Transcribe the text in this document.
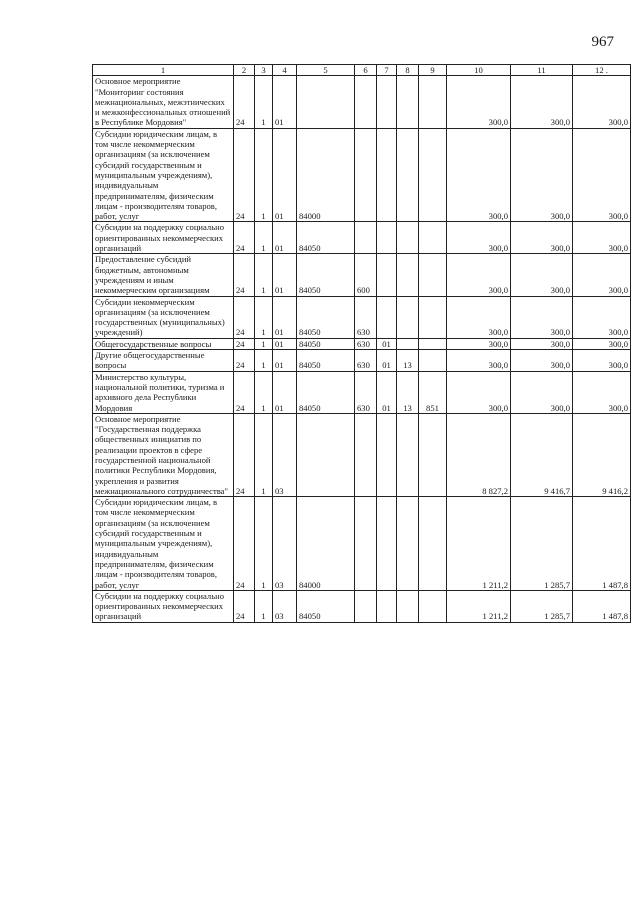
967
1	2	3	4	5	6	7	8	9	10	11	12 .
Основное мероприятие "Мониторинг состояния межнациональных, межэтнических и межконфессиональных отношений в Республике Мордовия"	24	1	01						300,0	300,0	300,0
Субсидии юридическим лицам, в том числе некоммерческим организациям (за исключением субсидий государственным и муниципальным учреждениям), индивидуальным предпринимателям, физическим лицам - производителям товаров, работ, услуг	24	1	01	84000					300,0	300,0	300,0
Субсидии на поддержку социально ориентированных некоммерческих организаций	24	1	01	84050					300,0	300,0	300,0
Предоставление субсидий бюджетным, автономным учреждениям и иным некоммерческим организациям	24	1	01	84050	600				300,0	300,0	300,0
Субсидии некоммерческим организациям (за исключением государственных (муниципальных) учреждений)	24	1	01	84050	630				300,0	300,0	300,0
Общегосударственные вопросы	24	1	01	84050	630	01			300,0	300,0	300,0
Другие общегосударственные вопросы	24	1	01	84050	630	01	13		300,0	300,0	300,0
Министерство культуры, национальной политики, туризма и архивного дела Республики Мордовия	24	1	01	84050	630	01	13	851	300,0	300,0	300,0
Основное мероприятие "Государственная поддержка общественных инициатив по реализации проектов в сфере государственной национальной политики Республики Мордовия, укрепления и развития межнационального сотрудничества"	24	1	03						8 827,2	9 416,7	9 416,2
Субсидии юридическим лицам, в том числе некоммерческим организациям (за исключением субсидий государственным и муниципальным учреждениям), индивидуальным предпринимателям, физическим лицам - производителям товаров, работ, услуг	24	1	03	84000					1 211,2	1 285,7	1 487,8
Субсидии на поддержку социально ориентированных некоммерческих организаций	24	1	03	84050					1 211,2	1 285,7	1 487,8
